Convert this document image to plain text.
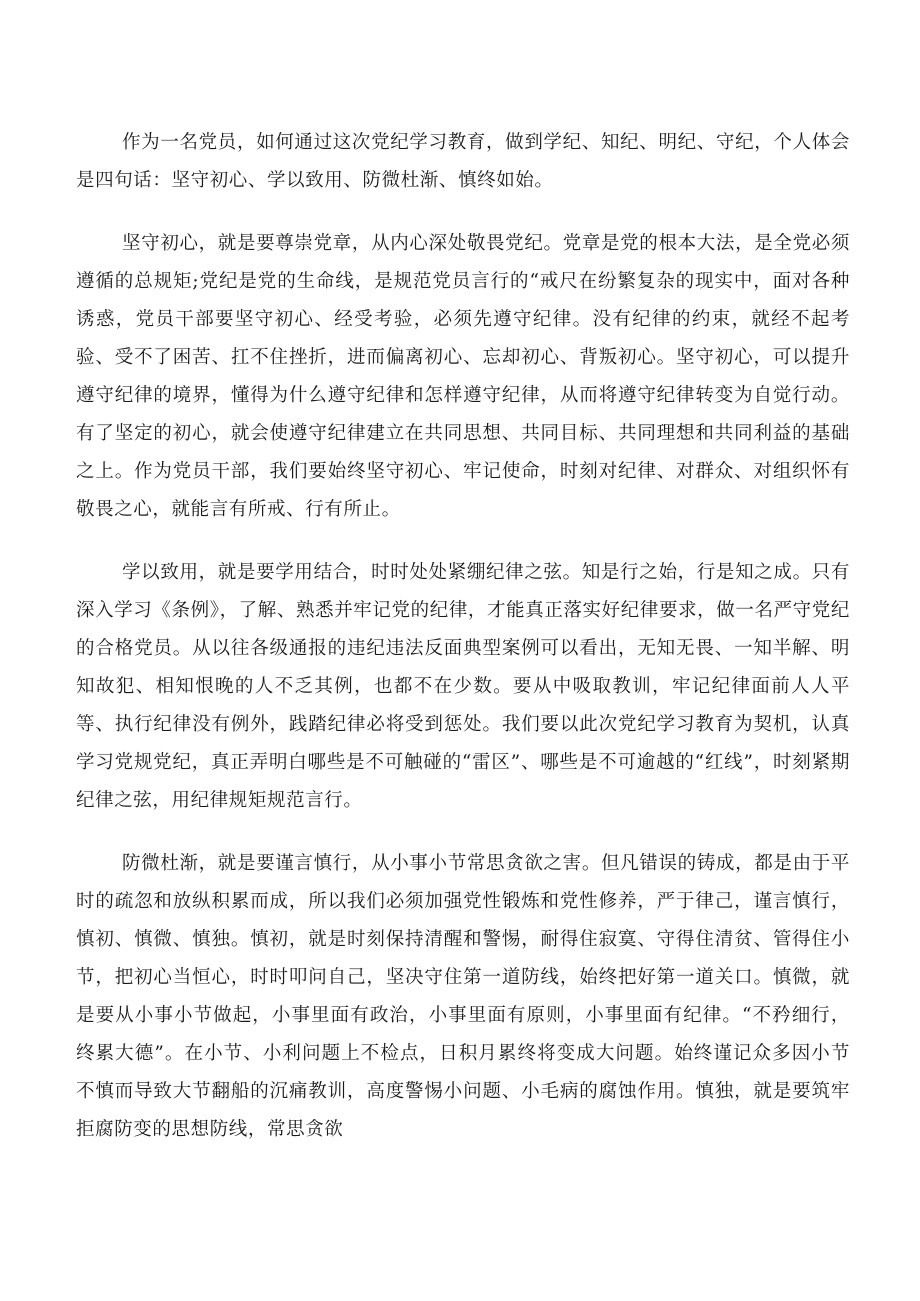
作为一名党员，如何通过这次党纪学习教育，做到学纪、知纪、明纪、守纪，个人体会是四句话：坚守初心、学以致用、防微杜渐、慎终如始。

坚守初心，就是要尊崇党章，从内心深处敬畏党纪。党章是党的根本大法，是全党必须遵循的总规矩;党纪是党的生命线，是规范党员言行的“戒尺在纷繁复杂的现实中，面对各种诱惑，党员干部要坚守初心、经受考验，必须先遵守纪律。没有纪律的约束，就经不起考验、受不了困苦、扛不住挫折，进而偏离初心、忘却初心、背叛初心。坚守初心，可以提升遵守纪律的境界，懂得为什么遵守纪律和怎样遵守纪律，从而将遵守纪律转变为自觉行动。有了坚定的初心，就会使遵守纪律建立在共同思想、共同目标、共同理想和共同利益的基础之上。作为党员干部，我们要始终坚守初心、牢记使命，时刻对纪律、对群众、对组织怀有敬畏之心，就能言有所戒、行有所止。

学以致用，就是要学用结合，时时处处紧绷纪律之弦。知是行之始，行是知之成。只有深入学习《条例》，了解、熟悉并牢记党的纪律，才能真正落实好纪律要求，做一名严守党纪的合格党员。从以往各级通报的违纪违法反面典型案例可以看出，无知无畏、一知半解、明知故犯、相知恨晚的人不乏其例，也都不在少数。要从中吸取教训，牢记纪律面前人人平等、执行纪律没有例外，践踏纪律必将受到惩处。我们要以此次党纪学习教育为契机，认真学习党规党纪，真正弄明白哪些是不可触碰的“雷区”、哪些是不可逾越的“红线”，时刻紧期纪律之弦，用纪律规矩规范言行。

防微杜渐，就是要谨言慎行，从小事小节常思贪欲之害。但凡错误的铸成，都是由于平时的疏忽和放纵积累而成，所以我们必须加强党性锻炼和党性修养，严于律己，谨言慎行，慎初、慎微、慎独。慎初，就是时刻保持清醒和警惕，耐得住寂寞、守得住清贫、管得住小节，把初心当恒心，时时叩问自己，坚决守住第一道防线，始终把好第一道关口。慎微，就是要从小事小节做起，小事里面有政治，小事里面有原则，小事里面有纪律。“不矜细行，终累大德”。在小节、小利问题上不检点，日积月累终将变成大问题。始终谨记众多因小节不慎而导致大节翻船的沉痛教训，高度警惕小问题、小毛病的腐蚀作用。慎独，就是要筑牢拒腐防变的思想防线，常思贪欲
